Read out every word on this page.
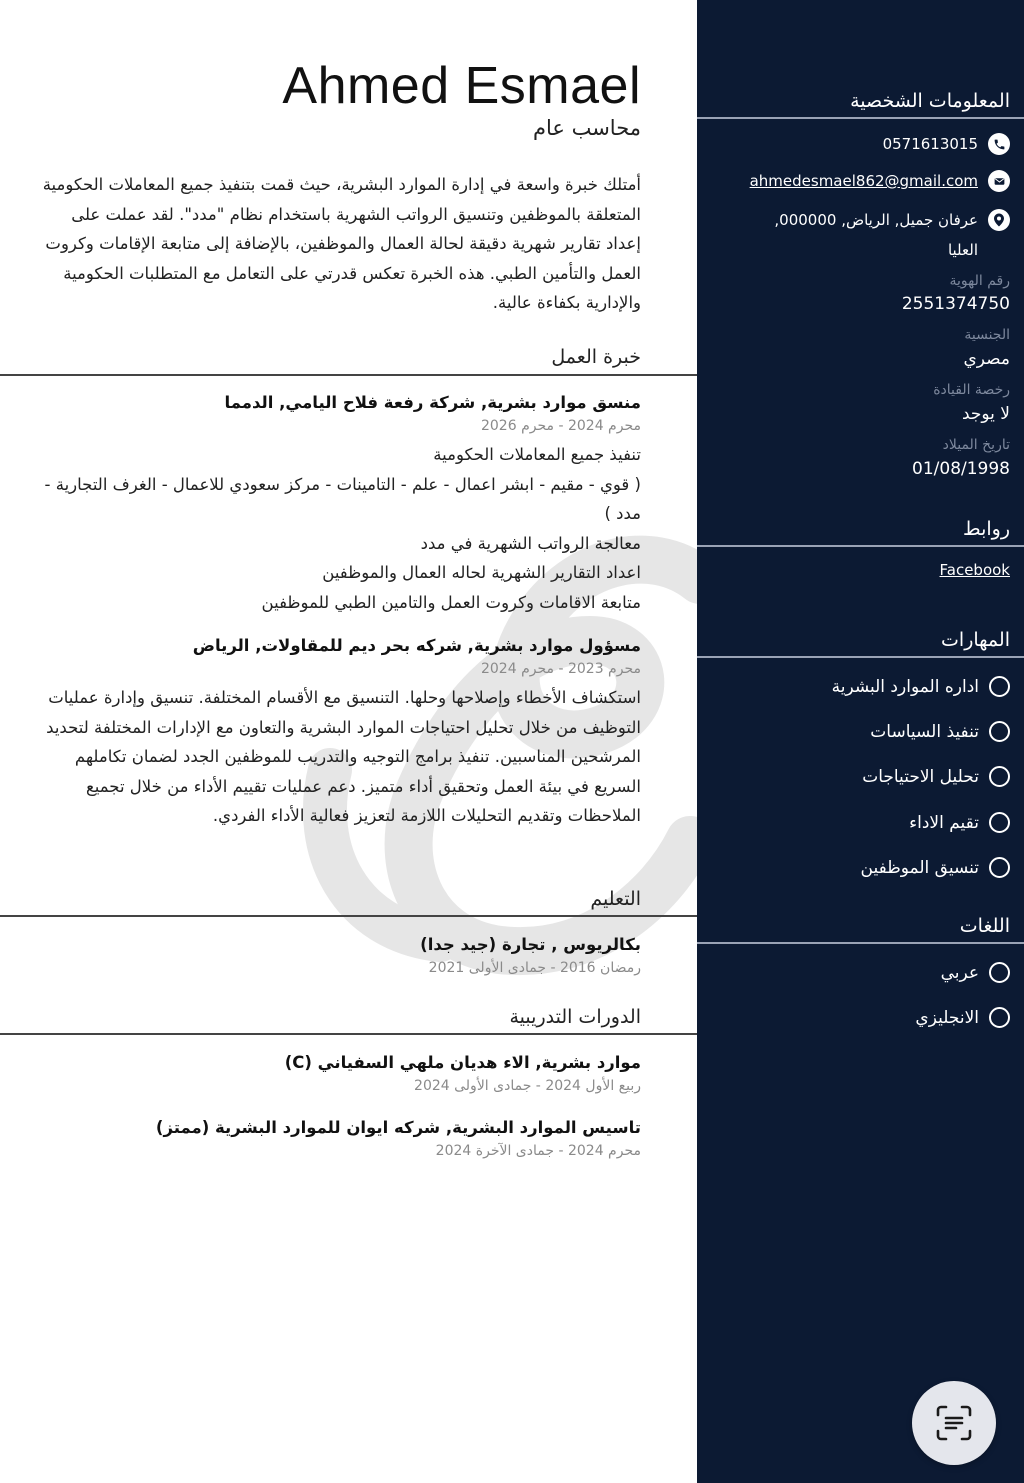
Ahmed Esmael
محاسب عام
أمتلك خبرة واسعة في إدارة الموارد البشرية، حيث قمت بتنفيذ جميع المعاملات الحكومية المتعلقة بالموظفين وتنسيق الرواتب الشهرية باستخدام نظام "مدد". لقد عملت على إعداد تقارير شهرية دقيقة لحالة العمال والموظفين، بالإضافة إلى متابعة الإقامات وكروت العمل والتأمين الطبي. هذه الخبرة تعكس قدرتي على التعامل مع المتطلبات الحكومية والإدارية بكفاءة عالية.
خبرة العمل
منسق موارد بشرية, شركة رفعة فلاح اليامي, الدمما
محرم 2024 - محرم 2026
تنفيذ جميع المعاملات الحكومية
( قوي - مقيم - ابشر اعمال - علم - التامينات - مركز سعودي للاعمال - الغرف التجارية - مدد )
معالجة الرواتب الشهرية في مدد
اعداد التقارير الشهرية لحاله العمال والموظفين
متابعة الاقامات وكروت العمل والتامين الطبي للموظفين
مسؤول موارد بشرية, شركه بحر ديم للمقاولات, الرياض
محرم 2023 - محرم 2024
استكشاف الأخطاء وإصلاحها وحلها. التنسيق مع الأقسام المختلفة. تنسيق وإدارة عمليات التوظيف من خلال تحليل احتياجات الموارد البشرية والتعاون مع الإدارات المختلفة لتحديد المرشحين المناسبين. تنفيذ برامج التوجيه والتدريب للموظفين الجدد لضمان تكاملهم السريع في بيئة العمل وتحقيق أداء متميز. دعم عمليات تقييم الأداء من خلال تجميع الملاحظات وتقديم التحليلات اللازمة لتعزيز فعالية الأداء الفردي.
التعليم
بكالريوس , تجارة (جيد جدا)
رمضان 2016 - جمادى الأولى 2021
الدورات التدريبية
موارد بشرية, الاء هديان ملهي السفياني (C)
ربيع الأول 2024 - جمادى الأولى 2024
تاسيس الموارد البشرية, شركه ايوان للموارد البشرية (ممتز)
محرم 2024 - جمادى الآخرة 2024
المعلومات الشخصية
0571613015
ahmedesmael862@gmail.com
عرفان جميل, الرياض, 000000, العليا
رقم الهوية
2551374750
الجنسية
مصري
رخصة القيادة
لا يوجد
تاريخ الميلاد
01/08/1998
روابط
Facebook
المهارات
اداره الموارد البشرية
تنفيذ السياسات
تحليل الاحتياجات
تقيم الاداء
تنسيق الموظفين
اللغات
عربي
الانجليزي
